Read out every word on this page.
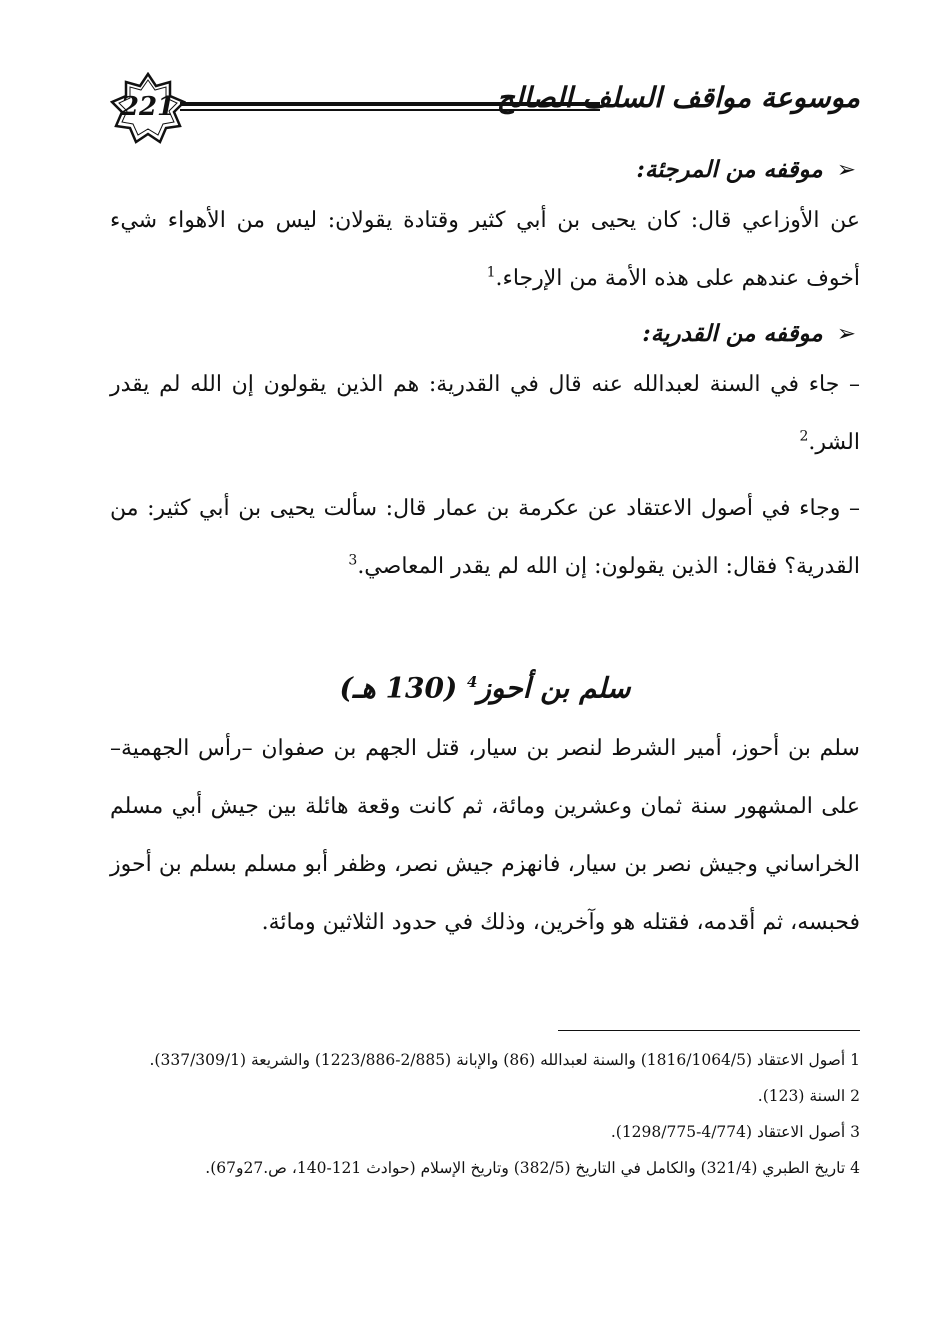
221	موسوعة مواقف السلف الصالح
➢موقفه من المرجئة:
عن الأوزاعي قال: كان يحيى بن أبي كثير وقتادة يقولان: ليس من الأهواء شيء أخوف عندهم على هذه الأمة من الإرجاء.$^1$
➢موقفه من القدرية:
– جاء في السنة لعبدالله عنه قال في القدرية: هم الذين يقولون إن الله لم يقدر الشر.$^2$
– وجاء في أصول الاعتقاد عن عكرمة بن عمار قال: سألت يحيى بن أبي كثير: من القدرية؟ فقال: الذين يقولون: إن الله لم يقدر المعاصي.$^3$
سلم بن أحوز$^4$ (130 هـ)
سلم بن أحوز، أمير الشرط لنصر بن سيار، قتل الجهم بن صفوان –رأس الجهمية– على المشهور سنة ثمان وعشرين ومائة، ثم كانت وقعة هائلة بين جيش أبي مسلم الخراساني وجيش نصر بن سيار، فانهزم جيش نصر، وظفر أبو مسلم بسلم بن أحوز فحبسه، ثم أقدمه، فقتله هو وآخرين، وذلك في حدود الثلاثين ومائة.
1 أصول الاعتقاد (1816/1064/5) والسنة لعبدالله (86) والإبانة (2/885-1223/886) والشريعة (337/309/1).
2 السنة (123).
3 أصول الاعتقاد (4/774-1298/775).
4 تاريخ الطبري (321/4) والكامل في التاريخ (382/5) وتاريخ الإسلام (حوادث 121-140، ص.27و67).
